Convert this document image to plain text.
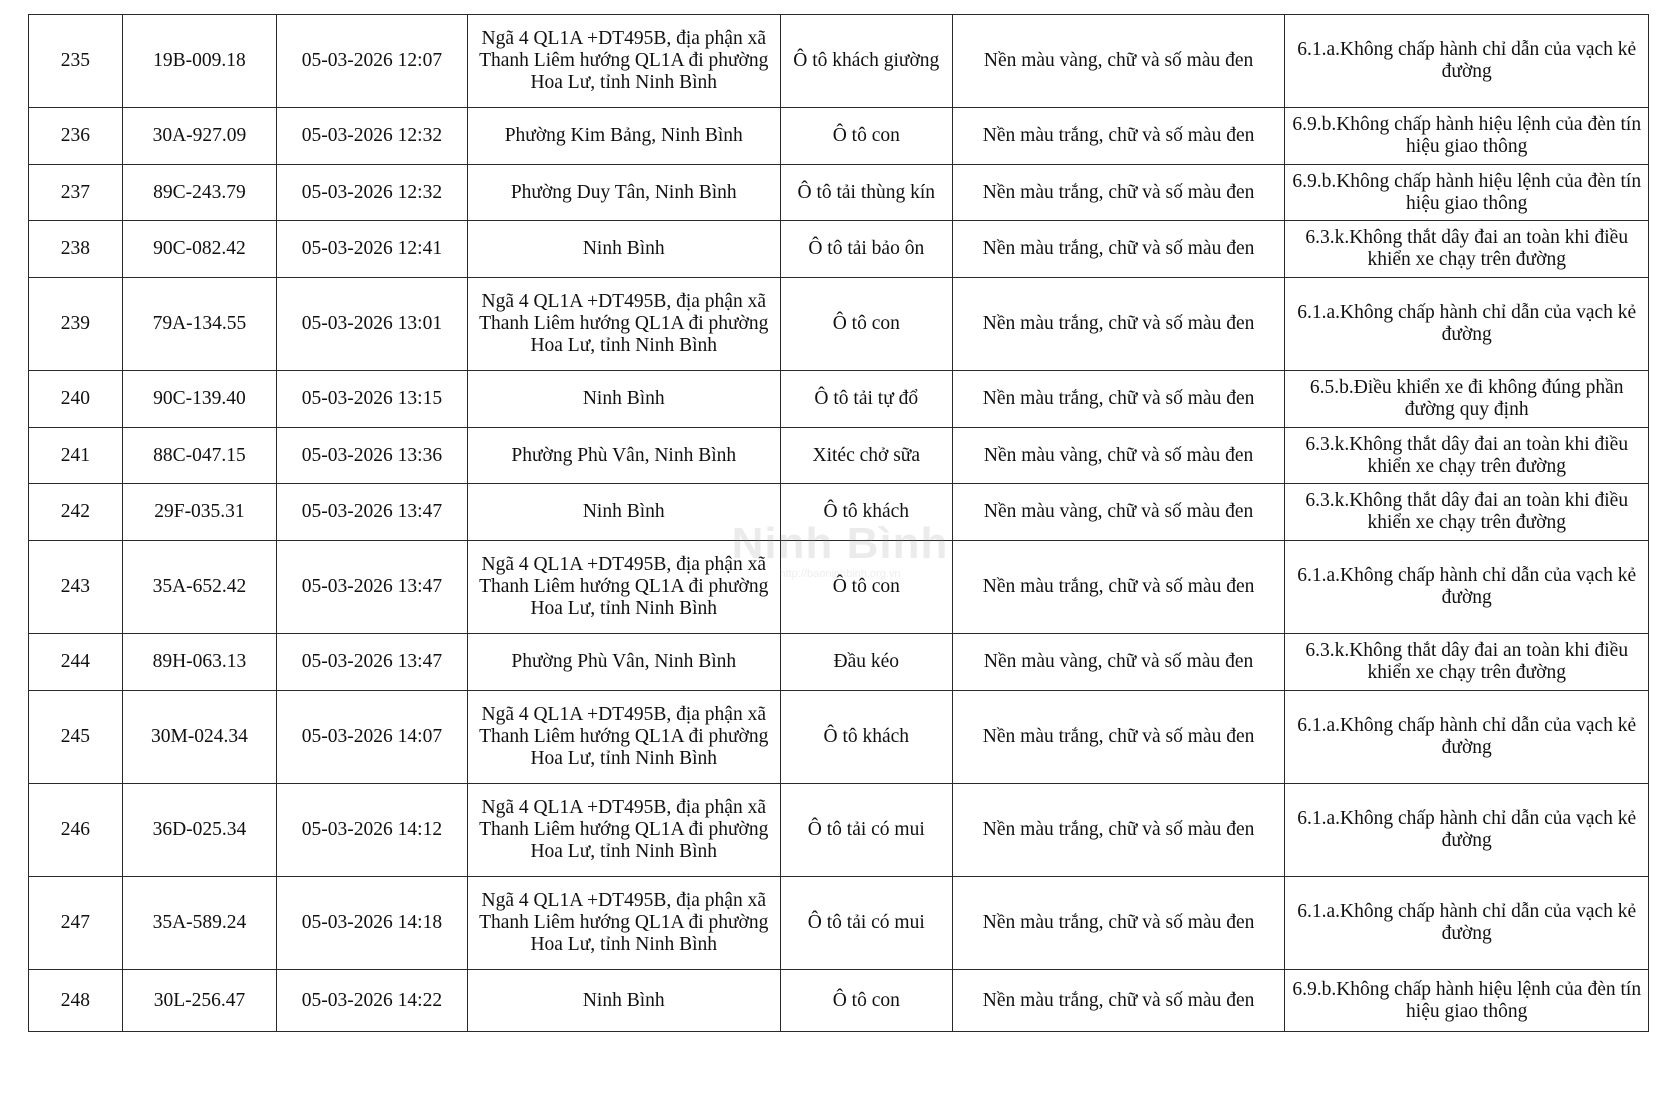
235	19B-009.18	05-03-2026 12:07	Ngã 4 QL1A +DT495B, địa phận xã Thanh Liêm hướng QL1A đi phường Hoa Lư, tỉnh Ninh Bình	Ô tô khách giường	Nền màu vàng, chữ và số màu đen	6.1.a.Không chấp hành chỉ dẫn của vạch kẻ đường
236	30A-927.09	05-03-2026 12:32	Phường Kim Bảng, Ninh Bình	Ô tô con	Nền màu trắng, chữ và số màu đen	6.9.b.Không chấp hành hiệu lệnh của đèn tín hiệu giao thông
237	89C-243.79	05-03-2026 12:32	Phường Duy Tân, Ninh Bình	Ô tô tải thùng kín	Nền màu trắng, chữ và số màu đen	6.9.b.Không chấp hành hiệu lệnh của đèn tín hiệu giao thông
238	90C-082.42	05-03-2026 12:41	Ninh Bình	Ô tô tải bảo ôn	Nền màu trắng, chữ và số màu đen	6.3.k.Không thắt dây đai an toàn khi điều khiển xe chạy trên đường
239	79A-134.55	05-03-2026 13:01	Ngã 4 QL1A +DT495B, địa phận xã Thanh Liêm hướng QL1A đi phường Hoa Lư, tỉnh Ninh Bình	Ô tô con	Nền màu trắng, chữ và số màu đen	6.1.a.Không chấp hành chỉ dẫn của vạch kẻ đường
240	90C-139.40	05-03-2026 13:15	Ninh Bình	Ô tô tải tự đổ	Nền màu trắng, chữ và số màu đen	6.5.b.Điều khiển xe đi không đúng phần đường quy định
241	88C-047.15	05-03-2026 13:36	Phường Phù Vân, Ninh Bình	Xitéc chở sữa	Nền màu vàng, chữ và số màu đen	6.3.k.Không thắt dây đai an toàn khi điều khiển xe chạy trên đường
242	29F-035.31	05-03-2026 13:47	Ninh Bình	Ô tô khách	Nền màu vàng, chữ và số màu đen	6.3.k.Không thắt dây đai an toàn khi điều khiển xe chạy trên đường
243	35A-652.42	05-03-2026 13:47	Ngã 4 QL1A +DT495B, địa phận xã Thanh Liêm hướng QL1A đi phường Hoa Lư, tỉnh Ninh Bình	Ô tô con	Nền màu trắng, chữ và số màu đen	6.1.a.Không chấp hành chỉ dẫn của vạch kẻ đường
244	89H-063.13	05-03-2026 13:47	Phường Phù Vân, Ninh Bình	Đầu kéo	Nền màu vàng, chữ và số màu đen	6.3.k.Không thắt dây đai an toàn khi điều khiển xe chạy trên đường
245	30M-024.34	05-03-2026 14:07	Ngã 4 QL1A +DT495B, địa phận xã Thanh Liêm hướng QL1A đi phường Hoa Lư, tỉnh Ninh Bình	Ô tô khách	Nền màu trắng, chữ và số màu đen	6.1.a.Không chấp hành chỉ dẫn của vạch kẻ đường
246	36D-025.34	05-03-2026 14:12	Ngã 4 QL1A +DT495B, địa phận xã Thanh Liêm hướng QL1A đi phường Hoa Lư, tỉnh Ninh Bình	Ô tô tải có mui	Nền màu trắng, chữ và số màu đen	6.1.a.Không chấp hành chỉ dẫn của vạch kẻ đường
247	35A-589.24	05-03-2026 14:18	Ngã 4 QL1A +DT495B, địa phận xã Thanh Liêm hướng QL1A đi phường Hoa Lư, tỉnh Ninh Bình	Ô tô tải có mui	Nền màu trắng, chữ và số màu đen	6.1.a.Không chấp hành chỉ dẫn của vạch kẻ đường
248	30L-256.47	05-03-2026 14:22	Ninh Bình	Ô tô con	Nền màu trắng, chữ và số màu đen	6.9.b.Không chấp hành hiệu lệnh của đèn tín hiệu giao thông
Ninh Bình
http://baoninhbinh.org.vn
